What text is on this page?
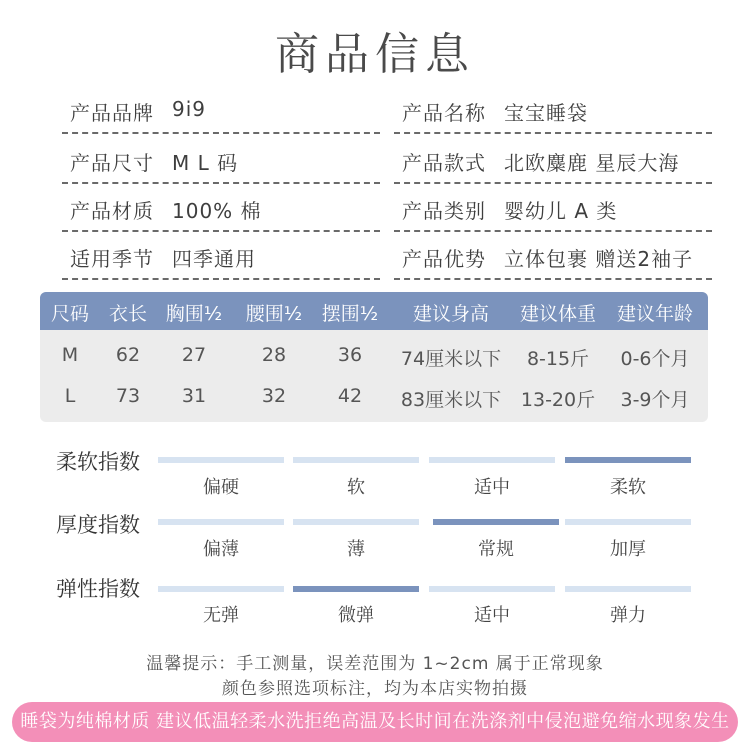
商品信息
产品品牌 9i9	产品名称 宝宝睡袋
产品尺寸 M L 码	产品款式 北欧麋鹿 星辰大海
产品材质 100% 棉	产品类别 婴幼儿 A 类
适用季节 四季通用	产品优势 立体包裹 赠送2袖子
尺码 衣长 胸围½ 腰围½ 摆围½ 建议身高 建议体重 建议年龄
M 62 27	28	36 74厘米以下 8-15斤 0-6个月
L 73 31	32	42 83厘米以下 13-20斤 3-9个月
柔软指数
偏硬	软	适中	柔软
厚度指数
偏薄	薄	常规	加厚
弹性指数
无弹	微弹	适中	弹力
温馨提示：手工测量，误差范围为 1~2cm 属于正常现象
颜色参照选项标注，均为本店实物拍摄
睡袋为纯棉材质 建议低温轻柔水洗拒绝高温及长时间在洗涤剂中侵泡避免缩水现象发生
